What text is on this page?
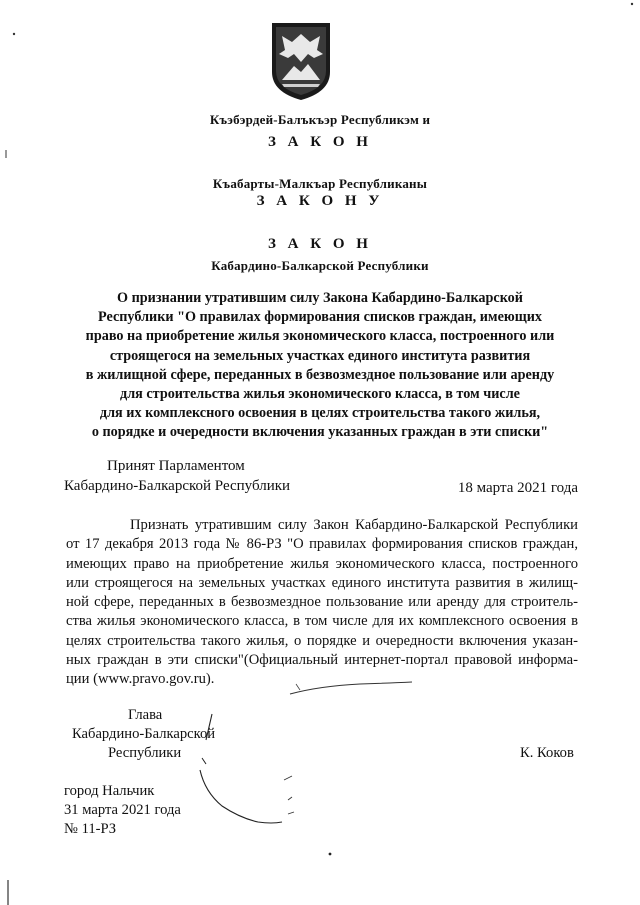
Къэбэрдей-Балъкъэр Республикэм и
З А К О Н
Къабарты-Малкъар Республиканы
З А К О Н У
З А К О Н
Кабардино-Балкарской Республики
О признании утратившим силу Закона Кабардино-Балкарской
Республики "О правилах формирования списков граждан, имеющих
право на приобретение жилья экономического класса, построенного или
строящегося на земельных участках единого института развития
в жилищной сфере, переданных в безвозмездное пользование или аренду
для строительства жилья экономического класса, в том числе
для их комплексного освоения в целях строительства такого жилья,
о порядке и очередности включения указанных граждан в эти списки"
Принят Парламентом
Кабардино-Балкарской Республики	18 марта 2021 года
Признать утратившим силу Закон Кабардино-Балкарской Республики
от 17 декабря 2013 года № 86-РЗ "О правилах формирования списков граждан,
имеющих право на приобретение жилья экономического класса, построенного
или строящегося на земельных участках единого института развития в жилищ-
ной сфере, переданных в безвозмездное пользование или аренду для строитель-
ства жилья экономического класса, в том числе для их комплексного освоения в
целях строительства такого жилья, о порядке и очередности включения указан-
ных граждан в эти списки"(Официальный интернет-портал правовой информа-
ции (www.pravo.gov.ru).
Глава
Кабардино-Балкарской
Республики	К. Коков
город Нальчик
31 марта 2021 года
№ 11-РЗ
